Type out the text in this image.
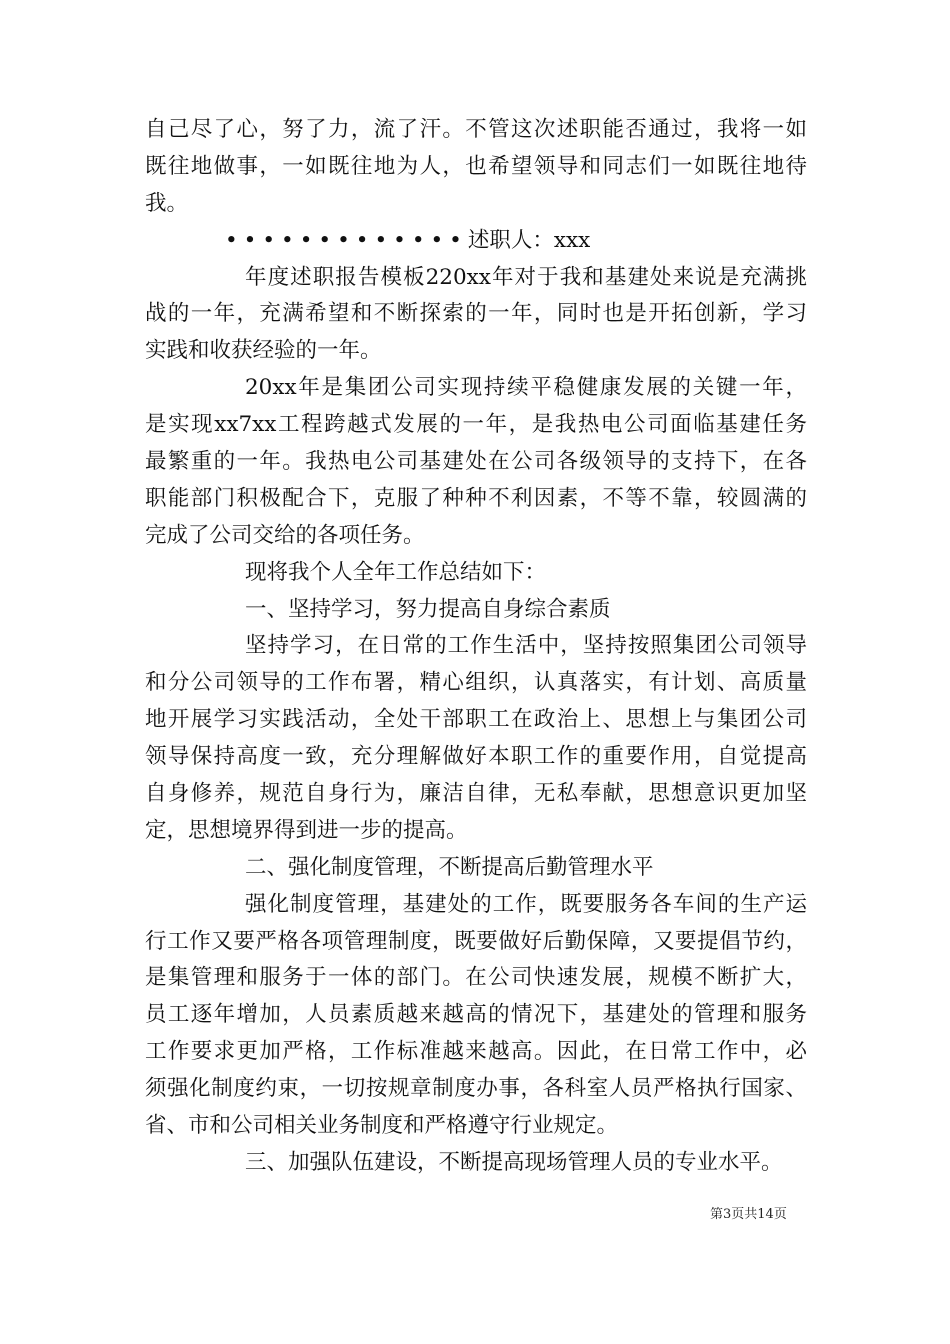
自己尽了心，努了力，流了汗。不管这次述职能否通过，我将一如
既往地做事，一如既往地为人，也希望领导和同志们一如既往地待
我。
•••••••••••••述职人：xxx
年度述职报告模板220xx年对于我和基建处来说是充满挑
战的一年，充满希望和不断探索的一年，同时也是开拓创新，学习
实践和收获经验的一年。
20xx年是集团公司实现持续平稳健康发展的关键一年，
是实现xx7xx工程跨越式发展的一年，是我热电公司面临基建任务
最繁重的一年。我热电公司基建处在公司各级领导的支持下，在各
职能部门积极配合下，克服了种种不利因素，不等不靠，较圆满的
完成了公司交给的各项任务。
现将我个人全年工作总结如下：
一、坚持学习，努力提高自身综合素质
坚持学习，在日常的工作生活中，坚持按照集团公司领导
和分公司领导的工作布署，精心组织，认真落实，有计划、高质量
地开展学习实践活动，全处干部职工在政治上、思想上与集团公司
领导保持高度一致，充分理解做好本职工作的重要作用，自觉提高
自身修养，规范自身行为，廉洁自律，无私奉献，思想意识更加坚
定，思想境界得到进一步的提高。
二、强化制度管理，不断提高后勤管理水平
强化制度管理，基建处的工作，既要服务各车间的生产运
行工作又要严格各项管理制度，既要做好后勤保障，又要提倡节约，
是集管理和服务于一体的部门。在公司快速发展，规模不断扩大，
员工逐年增加，人员素质越来越高的情况下，基建处的管理和服务
工作要求更加严格，工作标准越来越高。因此，在日常工作中，必
须强化制度约束，一切按规章制度办事，各科室人员严格执行国家、
省、市和公司相关业务制度和严格遵守行业规定。
三、加强队伍建设，不断提高现场管理人员的专业水平。
第3页共14页
